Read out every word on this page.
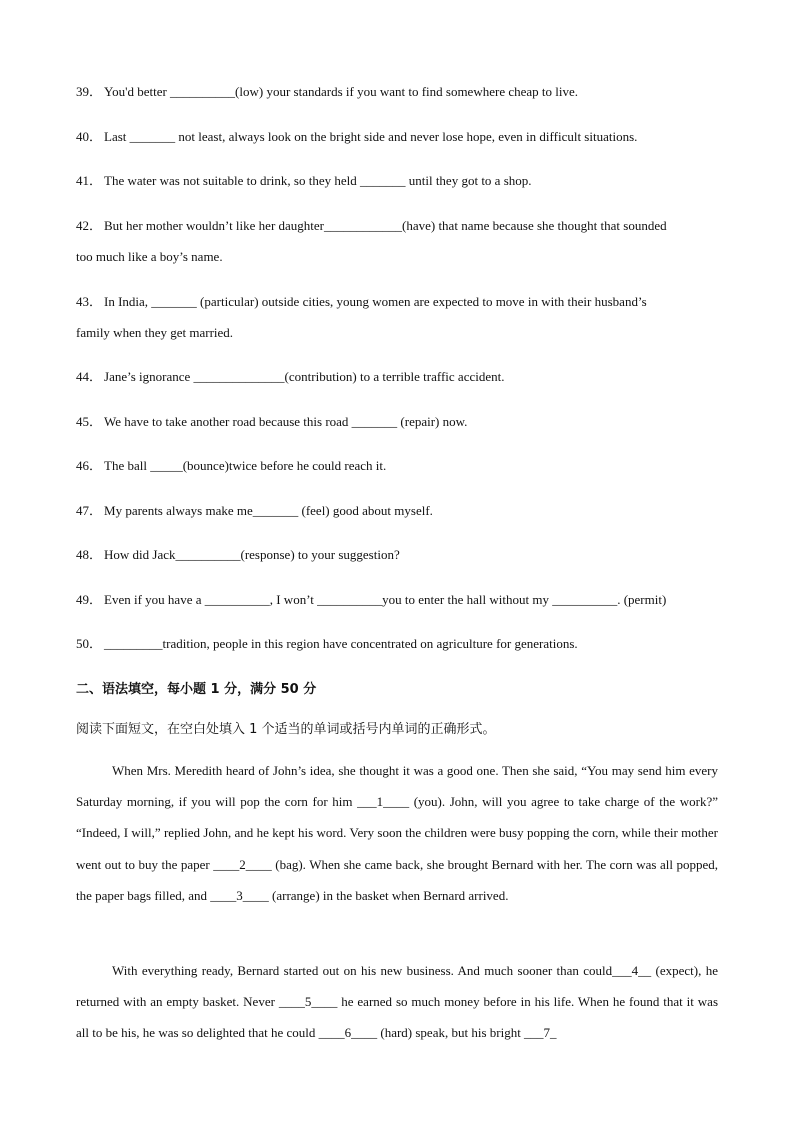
39． You'd better __________(low) your standards if you want to find somewhere cheap to live.
40． Last _______ not least, always look on the bright side and never lose hope, even in difficult situations.
41． The water was not suitable to drink, so they held _______ until they got to a shop.
42． But her mother wouldn’t like her daughter____________(have) that name because she thought that sounded
too much like a boy’s name.
43． In India, _______ (particular) outside cities, young women are expected to move in with their husband’s
family when they get married.
44． Jane’s ignorance ______________(contribution) to a terrible traffic accident.
45． We have to take another road because this road _______ (repair) now.
46． The ball _____(bounce)twice before he could reach it.
47． My parents always make me_______ (feel) good about myself.
48． How did Jack__________(response) to your suggestion?
49． Even if you have a __________, I won’t __________you to enter the hall without my __________. (permit)
50． _________tradition, people in this region have concentrated on agriculture for generations.
二、语法填空，每小题 1 分，满分 50 分
阅读下面短文，在空白处填入 1 个适当的单词或括号内单词的正确形式。
When Mrs. Meredith heard of John’s idea, she thought it was a good one. Then she said, “You may send him every Saturday morning, if you will pop the corn for him ___1____ (you). John, will you agree to take charge of the work?” “Indeed, I will,” replied John, and he kept his word. Very soon the children were busy popping the corn, while their mother went out to buy the paper ____2____ (bag). When she came back, she brought Bernard with her. The corn was all popped, the paper bags filled, and ____3____ (arrange) in the basket when Bernard arrived.
With everything ready, Bernard started out on his new business. And much sooner than could___4__ (expect), he returned with an empty basket. Never ____5____ he earned so much money before in his life. When he found that it was all to be his, he was so delighted that he could ____6____ (hard) speak, but his bright ___7_
